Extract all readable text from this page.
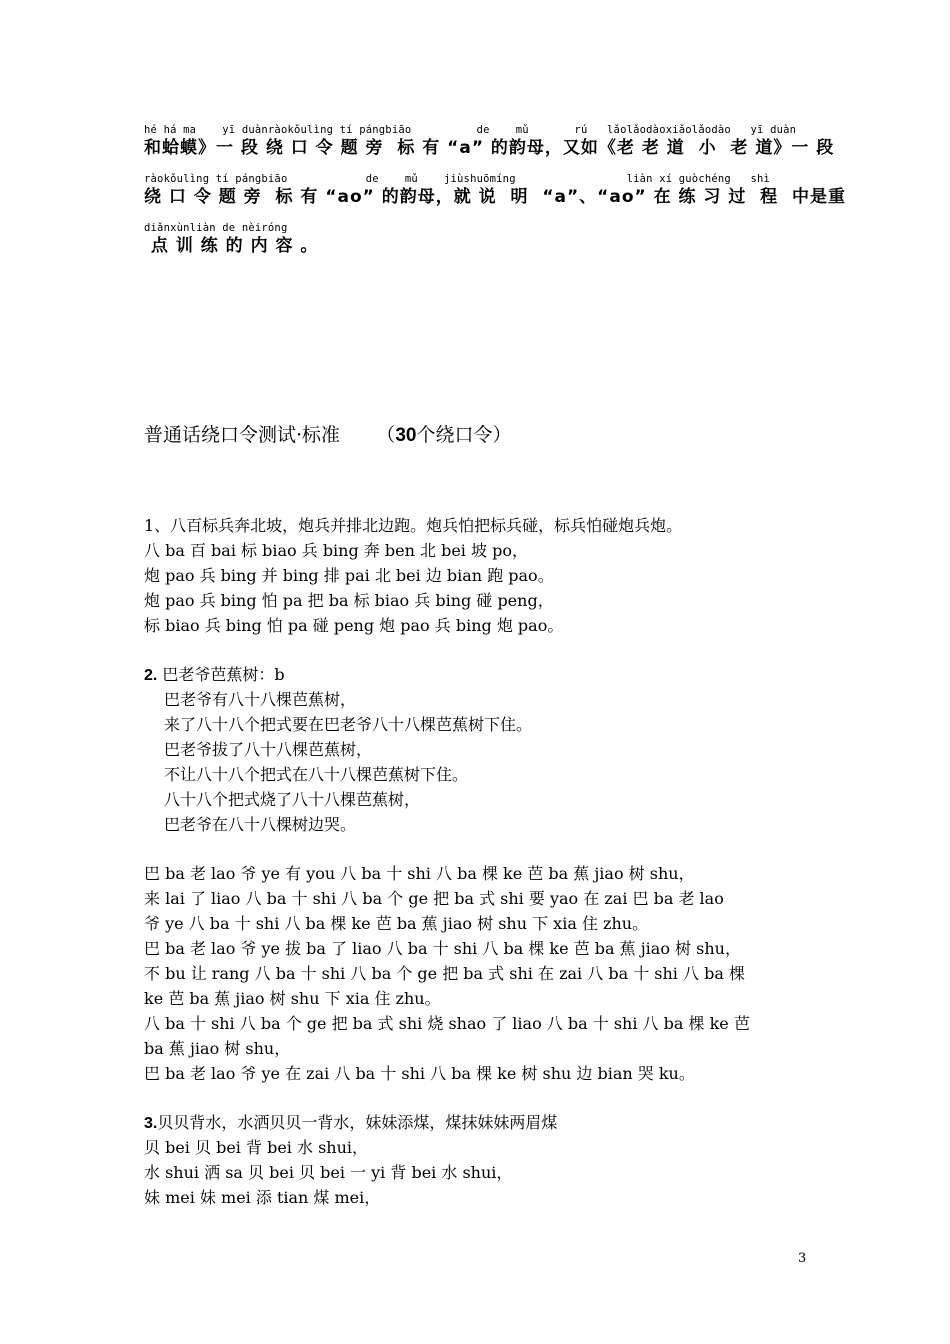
hé há ma    yī duànràokǒulìng tí pángbiāo          de    mǔ       rú   lǎolǎodàoxiǎolǎodào   yī duàn
和蛤蟆》一 段 绕 口 令 题 旁  标 有 “a” 的韵母，又如《老 老 道  小  老 道》一 段
ràokǒulìng tí pángbiāo            de    mǔ    jiùshuōmíng                 liàn xí guòchéng   shì
绕 口 令 题 旁  标 有 “ao” 的韵母，就 说  明  “a”、“ao” 在 练 习 过  程  中是重
diǎnxùnliàn de nèiróng
点 训 练 的 内 容 。
普通话绕口令测试·标准 （30个绕口令）
1、八百标兵奔北坡，炮兵并排北边跑。炮兵怕把标兵碰，标兵怕碰炮兵炮。
八 ba 百 bai 标 biao 兵 bing 奔 ben 北 bei 坡 po，
炮 pao 兵 bing 并 bing 排 pai 北 bei 边 bian 跑 pao。
炮 pao 兵 bing 怕 pa 把 ba 标 biao 兵 bing 碰 peng，
标 biao 兵 bing 怕 pa 碰 peng 炮 pao 兵 bing 炮 pao。
2. 巴老爷芭蕉树：b
巴老爷有八十八棵芭蕉树，
来了八十八个把式要在巴老爷八十八棵芭蕉树下住。
巴老爷拔了八十八棵芭蕉树，
不让八十八个把式在八十八棵芭蕉树下住。
八十八个把式烧了八十八棵芭蕉树，
巴老爷在八十八棵树边哭。
巴 ba 老 lao 爷 ye 有 you 八 ba 十 shi 八 ba 棵 ke 芭 ba 蕉 jiao 树 shu，
来 lai 了 liao 八 ba 十 shi 八 ba 个 ge 把 ba 式 shi 要 yao 在 zai 巴 ba 老 lao
爷 ye 八 ba 十 shi 八 ba 棵 ke 芭 ba 蕉 jiao 树 shu 下 xia 住 zhu。
巴 ba 老 lao 爷 ye 拔 ba 了 liao 八 ba 十 shi 八 ba 棵 ke 芭 ba 蕉 jiao 树 shu，
不 bu 让 rang 八 ba 十 shi 八 ba 个 ge 把 ba 式 shi 在 zai 八 ba 十 shi 八 ba 棵
ke 芭 ba 蕉 jiao 树 shu 下 xia 住 zhu。
八 ba 十 shi 八 ba 个 ge 把 ba 式 shi 烧 shao 了 liao 八 ba 十 shi 八 ba 棵 ke 芭
ba 蕉 jiao 树 shu，
巴 ba 老 lao 爷 ye 在 zai 八 ba 十 shi 八 ba 棵 ke 树 shu 边 bian 哭 ku。
3.贝贝背水，水洒贝贝一背水，妹妹添煤，煤抹妹妹两眉煤
贝 bei 贝 bei 背 bei 水 shui，
水 shui 洒 sa 贝 bei 贝 bei 一 yi 背 bei 水 shui，
妹 mei 妹 mei 添 tian 煤 mei，
3
